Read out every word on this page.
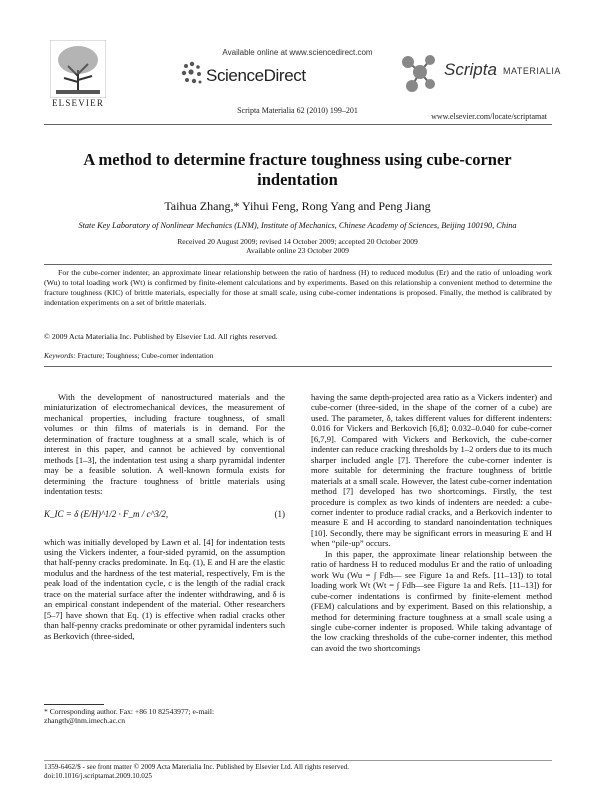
Available online at www.sciencedirect.com
ScienceDirect
ELSEVIER
Scripta MATERIALIA
Scripta Materialia 62 (2010) 199–201
www.elsevier.com/locate/scriptamat
A method to determine fracture toughness using cube-corner indentation
Taihua Zhang,* Yihui Feng, Rong Yang and Peng Jiang
State Key Laboratory of Nonlinear Mechanics (LNM), Institute of Mechanics, Chinese Academy of Sciences, Beijing 100190, China
Received 20 August 2009; revised 14 October 2009; accepted 20 October 2009
Available online 23 October 2009
For the cube-corner indenter, an approximate linear relationship between the ratio of hardness (H) to reduced modulus (Er) and the ratio of unloading work (Wu) to total loading work (Wt) is confirmed by finite-element calculations and by experiments. Based on this relationship a convenient method to determine the fracture toughness (KIC) of brittle materials, especially for those at small scale, using cube-corner indentations is proposed. Finally, the method is calibrated by indentation experiments on a set of brittle materials.
© 2009 Acta Materialia Inc. Published by Elsevier Ltd. All rights reserved.
Keywords: Fracture; Toughness; Cube-corner indentation

With the development of nanostructured materials and the miniaturization of electromechanical devices, the measurement of mechanical properties, including fracture toughness, of small volumes or thin films of materials is in demand. For the determination of fracture toughness at a small scale, which is of interest in this paper, and cannot be achieved by conventional methods [1–3], the indentation test using a sharp pyramidal indenter may be a feasible solution. A well-known formula exists for determining the fracture toughness of brittle materials using indentation tests:

K_IC = δ (E/H)^1/2 · F_m / c^3/2,	(1)

which was initially developed by Lawn et al. [4] for indentation tests using the Vickers indenter, a four-sided pyramid, on the assumption that half-penny cracks predominate. In Eq. (1), E and H are the elastic modulus and the hardness of the test material, respectively, Fm is the peak load of the indentation cycle, c is the length of the radial crack trace on the material surface after the indenter withdrawing, and δ is an empirical constant independent of the material. Other researchers [5–7] have shown that Eq. (1) is effective when radial cracks other than half-penny cracks predominate or other pyramidal indenters such as Berkovich (three-sided,

having the same depth-projected area ratio as a Vickers indenter) and cube-corner (three-sided, in the shape of the corner of a cube) are used. The parameter, δ, takes different values for different indenters: 0.016 for Vickers and Berkovich [6,8]; 0.032–0.040 for cube-corner [6,7,9]. Compared with Vickers and Berkovich, the cube-corner indenter can reduce cracking thresholds by 1–2 orders due to its much sharper included angle [7]. Therefore the cube-corner indenter is more suitable for determining the fracture toughness of brittle materials at a small scale. However, the latest cube-corner indentation method [7] developed has two shortcomings. Firstly, the test procedure is complex as two kinds of indenters are needed: a cube-corner indenter to produce radial cracks, and a Berkovich indenter to measure E and H according to standard nanoindentation techniques [10]. Secondly, there may be significant errors in measuring E and H when “pile-up” occurs.

In this paper, the approximate linear relationship between the ratio of hardness H to reduced modulus Er and the ratio of unloading work Wu (Wu = ∫ Fdh— see Figure 1a and Refs. [11–13]) to total loading work Wt (Wt = ∫ Fdh—see Figure 1a and Refs. [11–13]) for cube-corner indentations is confirmed by finite-element method (FEM) calculations and by experiment. Based on this relationship, a method for determining fracture toughness at a small scale using a single cube-corner indenter is proposed. While taking advantage of the low cracking thresholds of the cube-corner indenter, this method can avoid the two shortcomings

* Corresponding author. Fax: +86 10 82543977; e-mail: zhangth@lnm.imech.ac.cn
1359-6462/$ - see front matter © 2009 Acta Materialia Inc. Published by Elsevier Ltd. All rights reserved.
doi:10.1016/j.scriptamat.2009.10.025
